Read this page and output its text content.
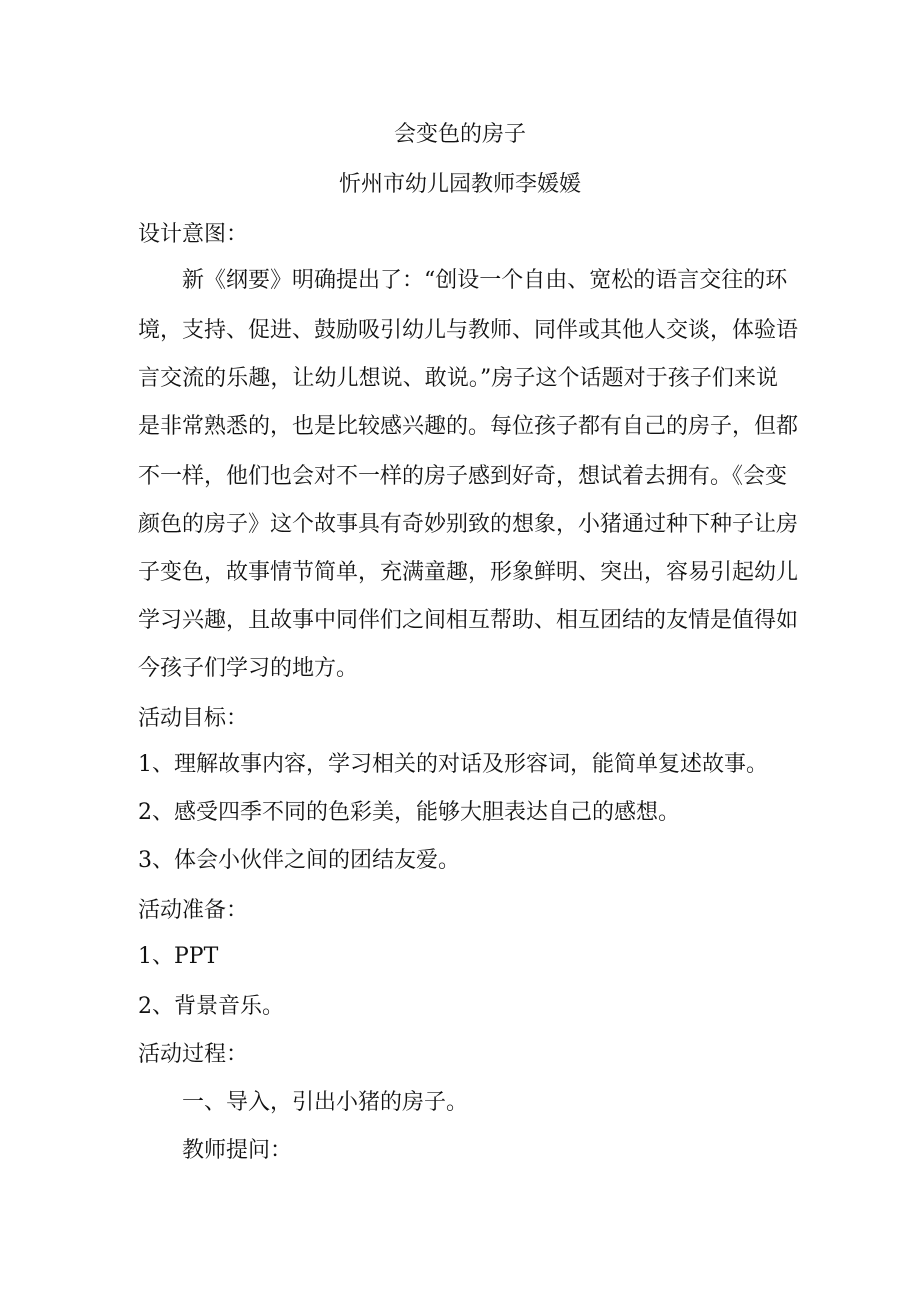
会变色的房子
忻州市幼儿园教师李媛媛
设计意图：
新《纲要》明确提出了：“创设一个自由、宽松的语言交往的环
境，支持、促进、鼓励吸引幼儿与教师、同伴或其他人交谈，体验语
言交流的乐趣，让幼儿想说、敢说。”房子这个话题对于孩子们来说
是非常熟悉的，也是比较感兴趣的。每位孩子都有自己的房子，但都
不一样，他们也会对不一样的房子感到好奇，想试着去拥有。《会变
颜色的房子》这个故事具有奇妙别致的想象，小猪通过种下种子让房
子变色，故事情节简单，充满童趣，形象鲜明、突出，容易引起幼儿
学习兴趣，且故事中同伴们之间相互帮助、相互团结的友情是值得如
今孩子们学习的地方。
活动目标：
1、理解故事内容，学习相关的对话及形容词，能简单复述故事。
2、感受四季不同的色彩美，能够大胆表达自己的感想。
3、体会小伙伴之间的团结友爱。
活动准备：
1、PPT
2、背景音乐。
活动过程：
一、导入，引出小猪的房子。
教师提问：
